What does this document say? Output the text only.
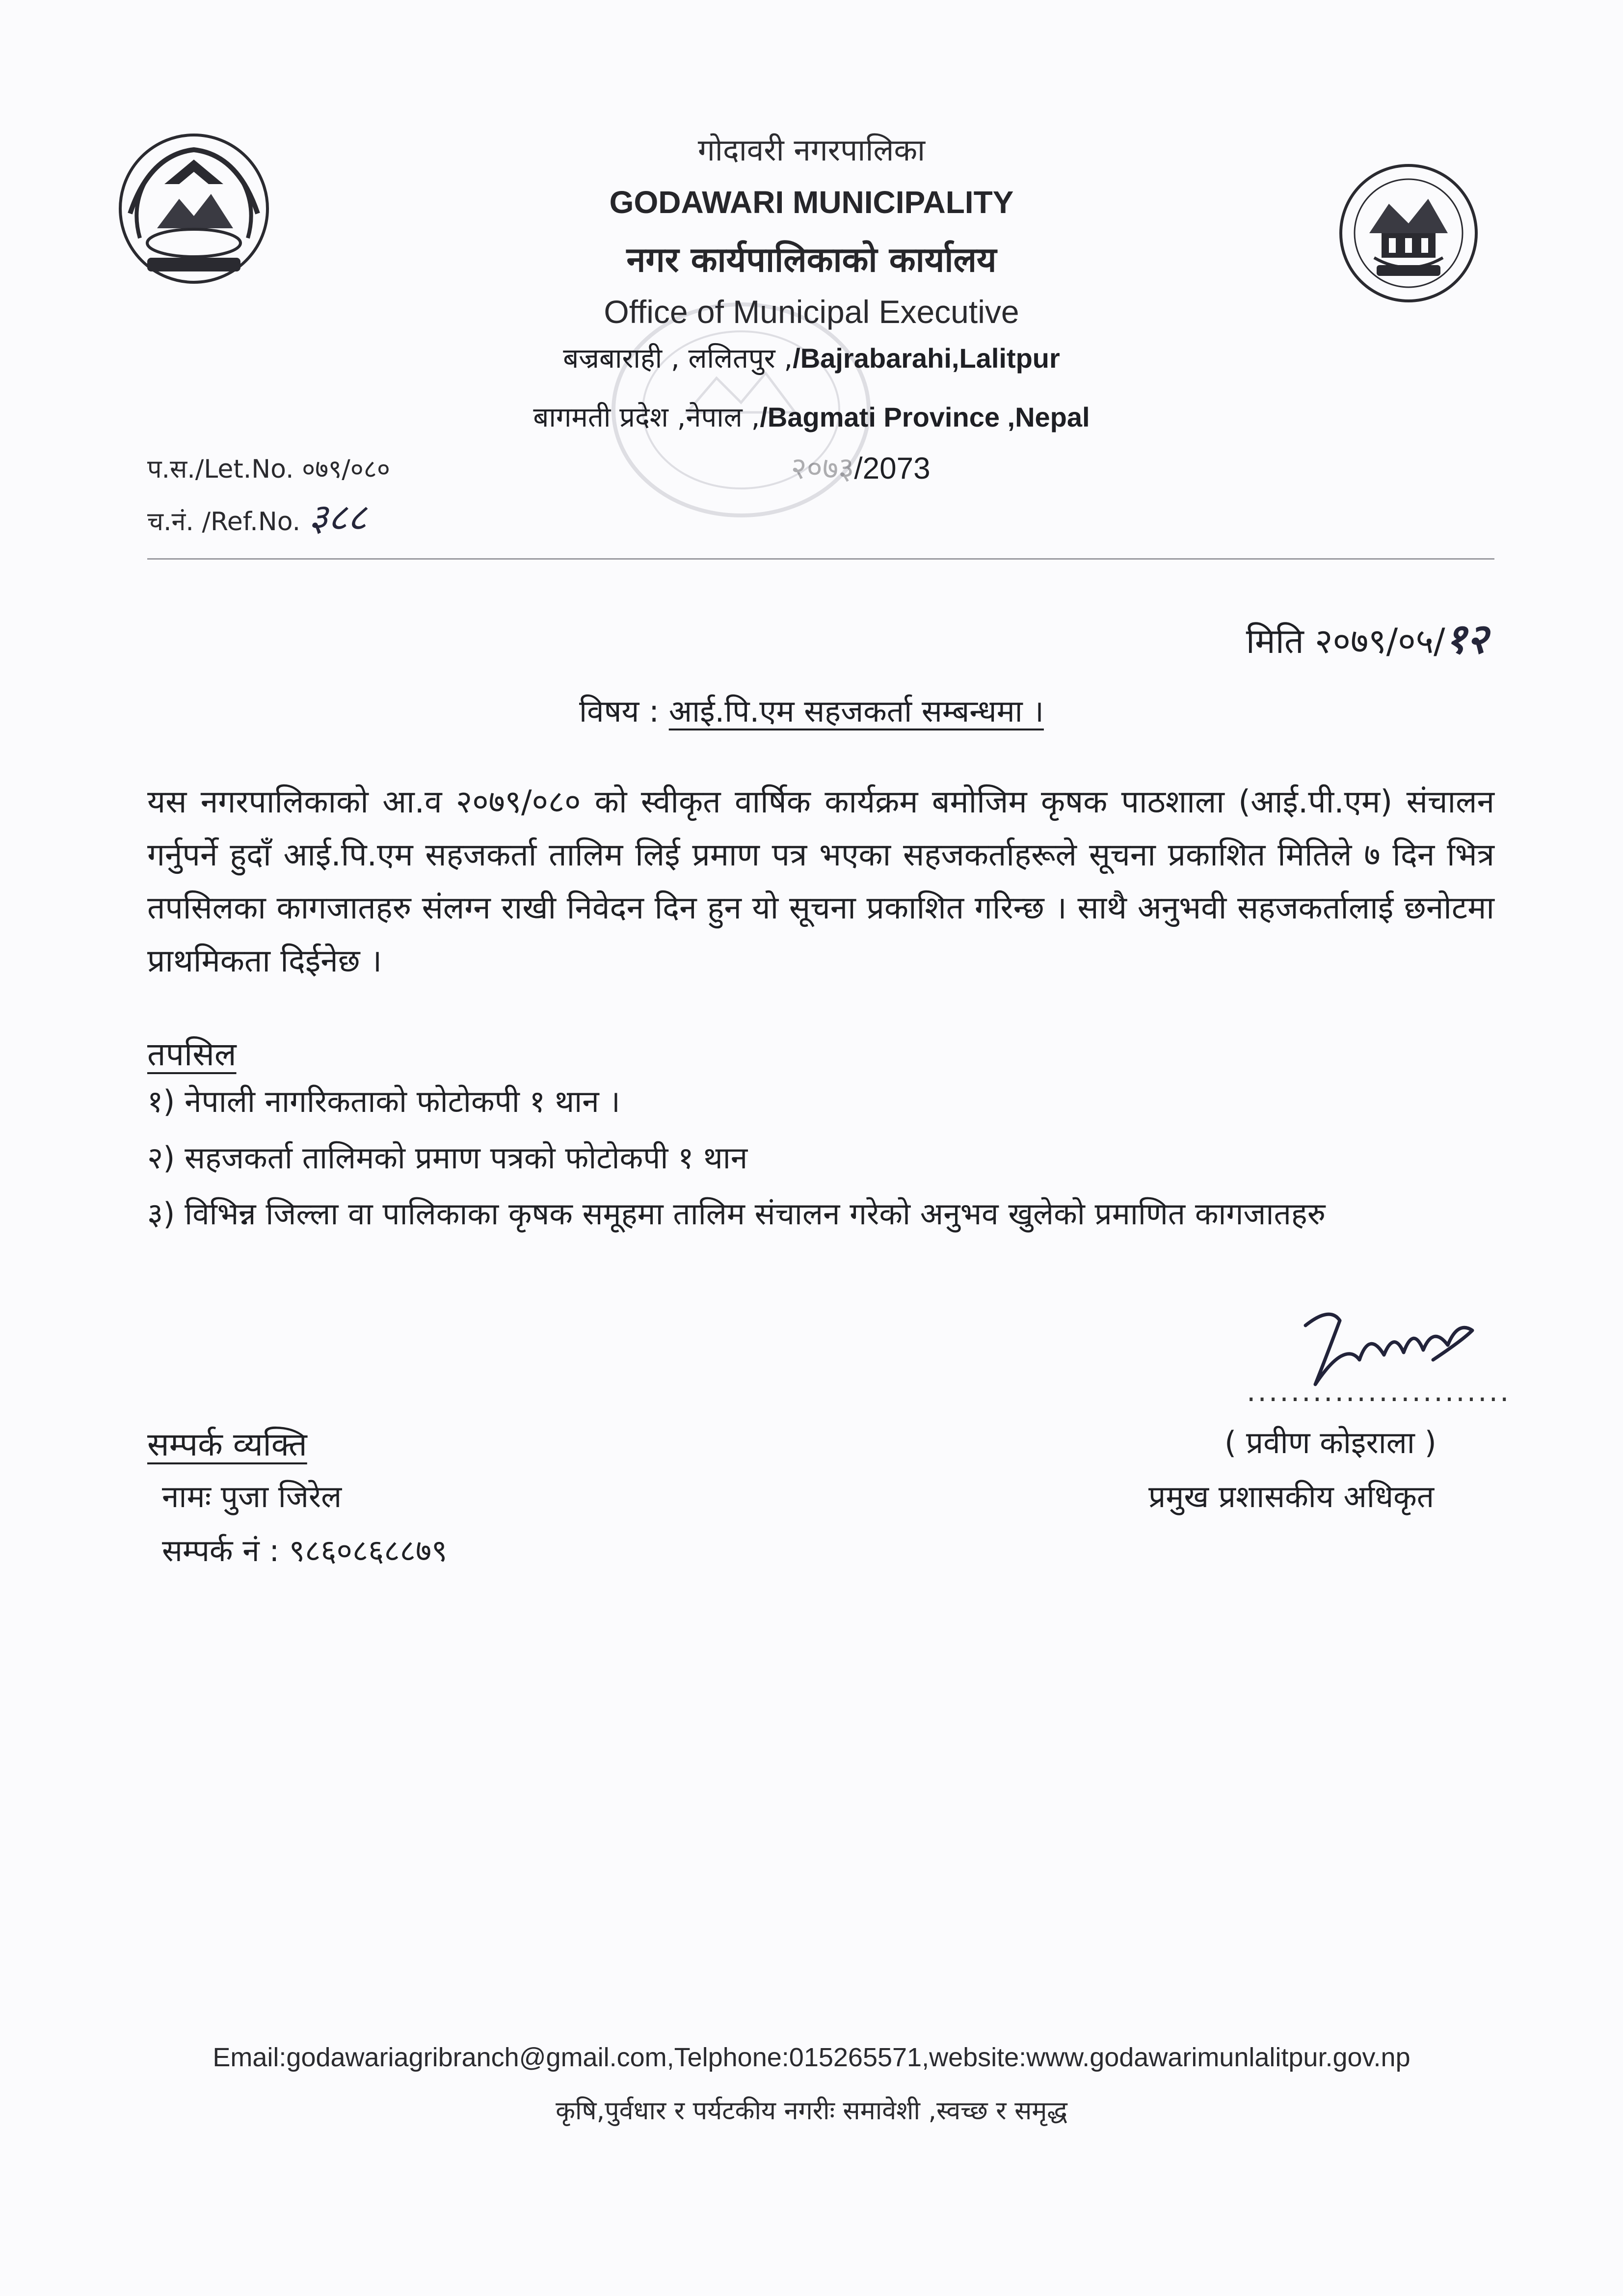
गोदावरी नगरपालिका
GODAWARI MUNICIPALITY
नगर कार्यपालिकाको कार्यालय
Office of Municipal Executive
बज्रबाराही , ललितपुर ,/Bajrabarahi,Lalitpur
बागमती प्रदेश ,नेपाल ,/Bagmati Province ,Nepal
२०७३/2073
प.स./Let.No. ०७९/०८०
च.नं. /Ref.No. ३८८
मिति २०७९/०५/१२
विषय : आई.पि.एम सहजकर्ता सम्बन्धमा ।
यस नगरपालिकाको आ.व २०७९/०८० को स्वीकृत वार्षिक कार्यक्रम बमोजिम कृषक पाठशाला (आई.पी.एम) संचालन गर्नुपर्ने हुदाँ आई.पि.एम सहजकर्ता तालिम लिई प्रमाण पत्र भएका सहजकर्ताहरूले सूचना प्रकाशित मितिले ७ दिन भित्र तपसिलका कागजातहरु संलग्न राखी निवेदन दिन हुन यो सूचना प्रकाशित गरिन्छ । साथै अनुभवी सहजकर्तालाई छनोटमा प्राथमिकता दिईनेछ ।
तपसिल
१) नेपाली नागरिकताको फोटोकपी १ थान ।
२) सहजकर्ता तालिमको प्रमाण पत्रको फोटोकपी १ थान
३) विभिन्न जिल्ला वा पालिकाका कृषक समूहमा तालिम संचालन गरेको अनुभव खुलेको प्रमाणित कागजातहरु
........................
( प्रवीण कोइराला )
प्रमुख प्रशासकीय अधिकृत
सम्पर्क व्यक्ति
नामः पुजा जिरेल
सम्पर्क नं : ९८६०८६८८७९
Email:godawariagribranch@gmail.com,Telphone:015265571,website:www.godawarimunlalitpur.gov.np
कृषि,पुर्वधार र पर्यटकीय नगरीः समावेशी ,स्वच्छ र समृद्ध
